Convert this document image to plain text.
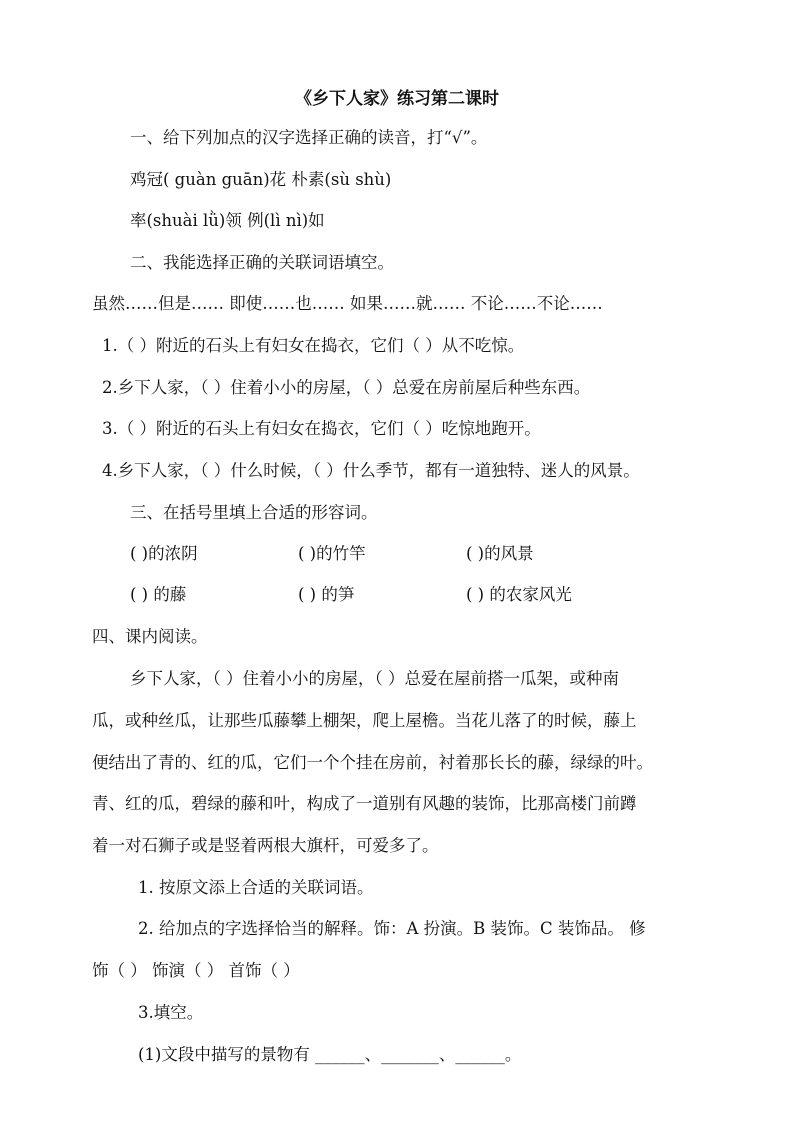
《乡下人家》练习第二课时
一、给下列加点的汉字选择正确的读音，打“√”。
鸡冠( guàn guān)花 朴素(sù shù)
率(shuài lǜ)领 例(lì nì)如
二、我能选择正确的关联词语填空。
虽然……但是…… 即使……也…… 如果……就…… 不论……不论……
1.（ ）附近的石头上有妇女在捣衣，它们（ ）从不吃惊。
2.乡下人家，（ ）住着小小的房屋，（ ）总爱在房前屋后种些东西。
3.（ ）附近的石头上有妇女在捣衣，它们（ ）吃惊地跑开。
4.乡下人家，（ ）什么时候，（ ）什么季节，都有一道独特、迷人的风景。
三、在括号里填上合适的形容词。
( )的浓阴	( )的竹竿	( )的风景
( ) 的藤	( ) 的笋	( ) 的农家风光
四、课内阅读。
乡下人家，（ ）住着小小的房屋，（ ）总爱在屋前搭一瓜架，或种南
瓜，或种丝瓜，让那些瓜藤攀上棚架，爬上屋檐。当花儿落了的时候，藤上
便结出了青的、红的瓜，它们一个个挂在房前，衬着那长长的藤，绿绿的叶。
青、红的瓜，碧绿的藤和叶，构成了一道别有风趣的装饰，比那高楼门前蹲
着一对石狮子或是竖着两根大旗杆，可爱多了。
1. 按原文添上合适的关联词语。
2. 给加点的字选择恰当的解释。饰：A 扮演。B 装饰。C 装饰品。 修
饰（ ） 饰演（ ） 首饰（ ）
3.填空。
(1)文段中描写的景物有 ______、_______、______。
